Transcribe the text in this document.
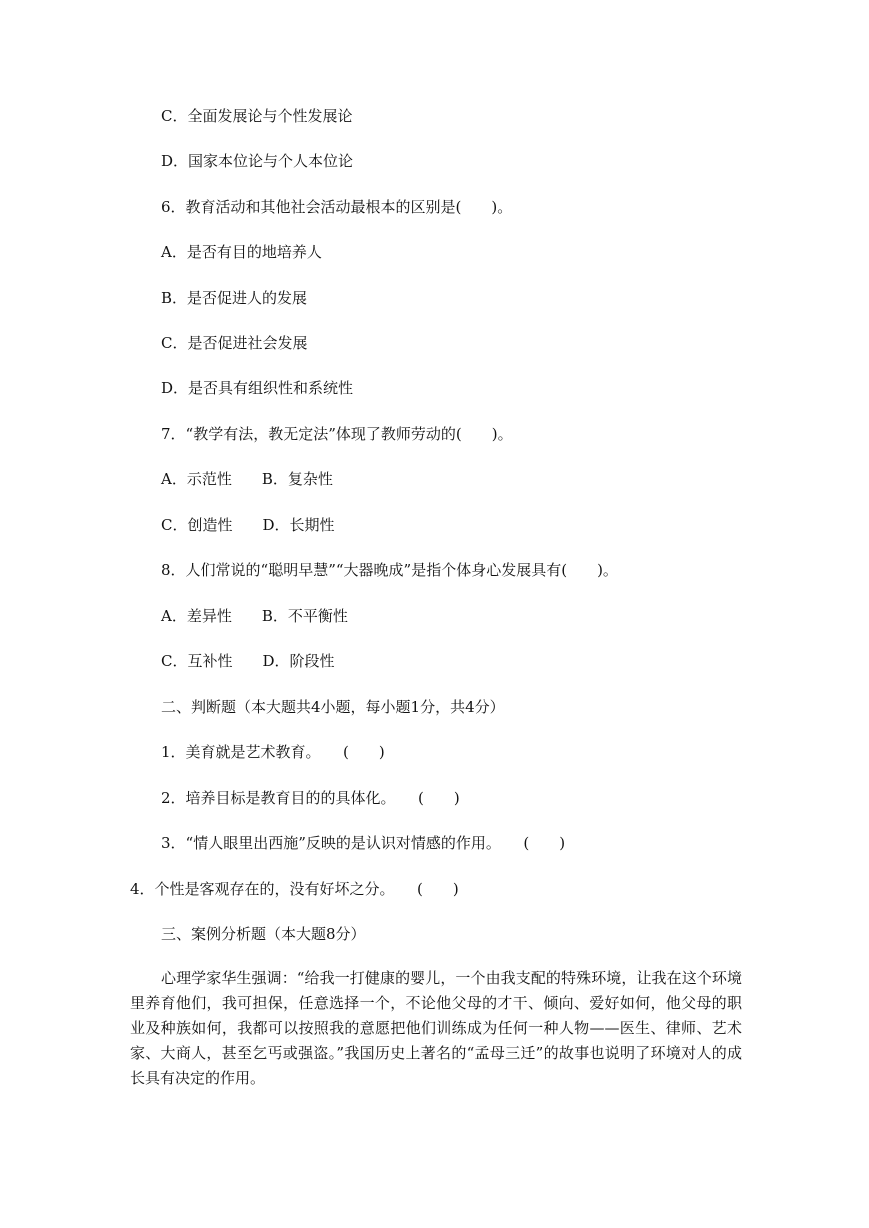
C．全面发展论与个性发展论
D．国家本位论与个人本位论
6．教育活动和其他社会活动最根本的区别是(　　)。
A．是否有目的地培养人
B．是否促进人的发展
C．是否促进社会发展
D．是否具有组织性和系统性
7．“教学有法，教无定法”体现了教师劳动的(　　)。
A．示范性　　B．复杂性
C．创造性　　D．长期性
8．人们常说的“聪明早慧”“大器晚成”是指个体身心发展具有(　　)。
A．差异性　　B．不平衡性
C．互补性　　D．阶段性
二、判断题（本大题共4小题，每小题1分，共4分）
1．美育就是艺术教育。　　(　　)
2．培养目标是教育目的的具体化。　　(　　)
3．“情人眼里出西施”反映的是认识对情感的作用。　　(　　)
4．个性是客观存在的，没有好坏之分。　　(　　)
三、案例分析题（本大题8分）
心理学家华生强调：“给我一打健康的婴儿，一个由我支配的特殊环境，让我在这个环境里养育他们，我可担保，任意选择一个，不论他父母的才干、倾向、爱好如何，他父母的职业及种族如何，我都可以按照我的意愿把他们训练成为任何一种人物——医生、律师、艺术家、大商人，甚至乞丐或强盗。”我国历史上著名的“孟母三迁”的故事也说明了环境对人的成长具有决定的作用。
